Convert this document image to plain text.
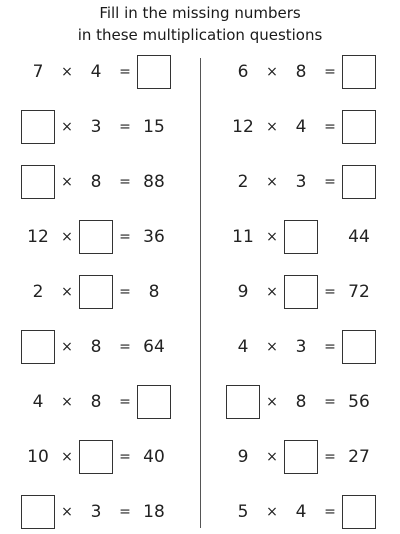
Fill in the missing numbers
in these multiplication questions
7	×	4	=
×	3	= 15
×	8	= 88
12 ×	= 36
2	×	=	8
×	8	= 64
4	×	8	=
10 ×	= 40
×	3	= 18
6	×	8	=
12 ×	4	=
2	×	3	=
11 ×	44
9	×	= 72
4	×	3	=
×	8	= 56
9	×	= 27
5	×	4	=
